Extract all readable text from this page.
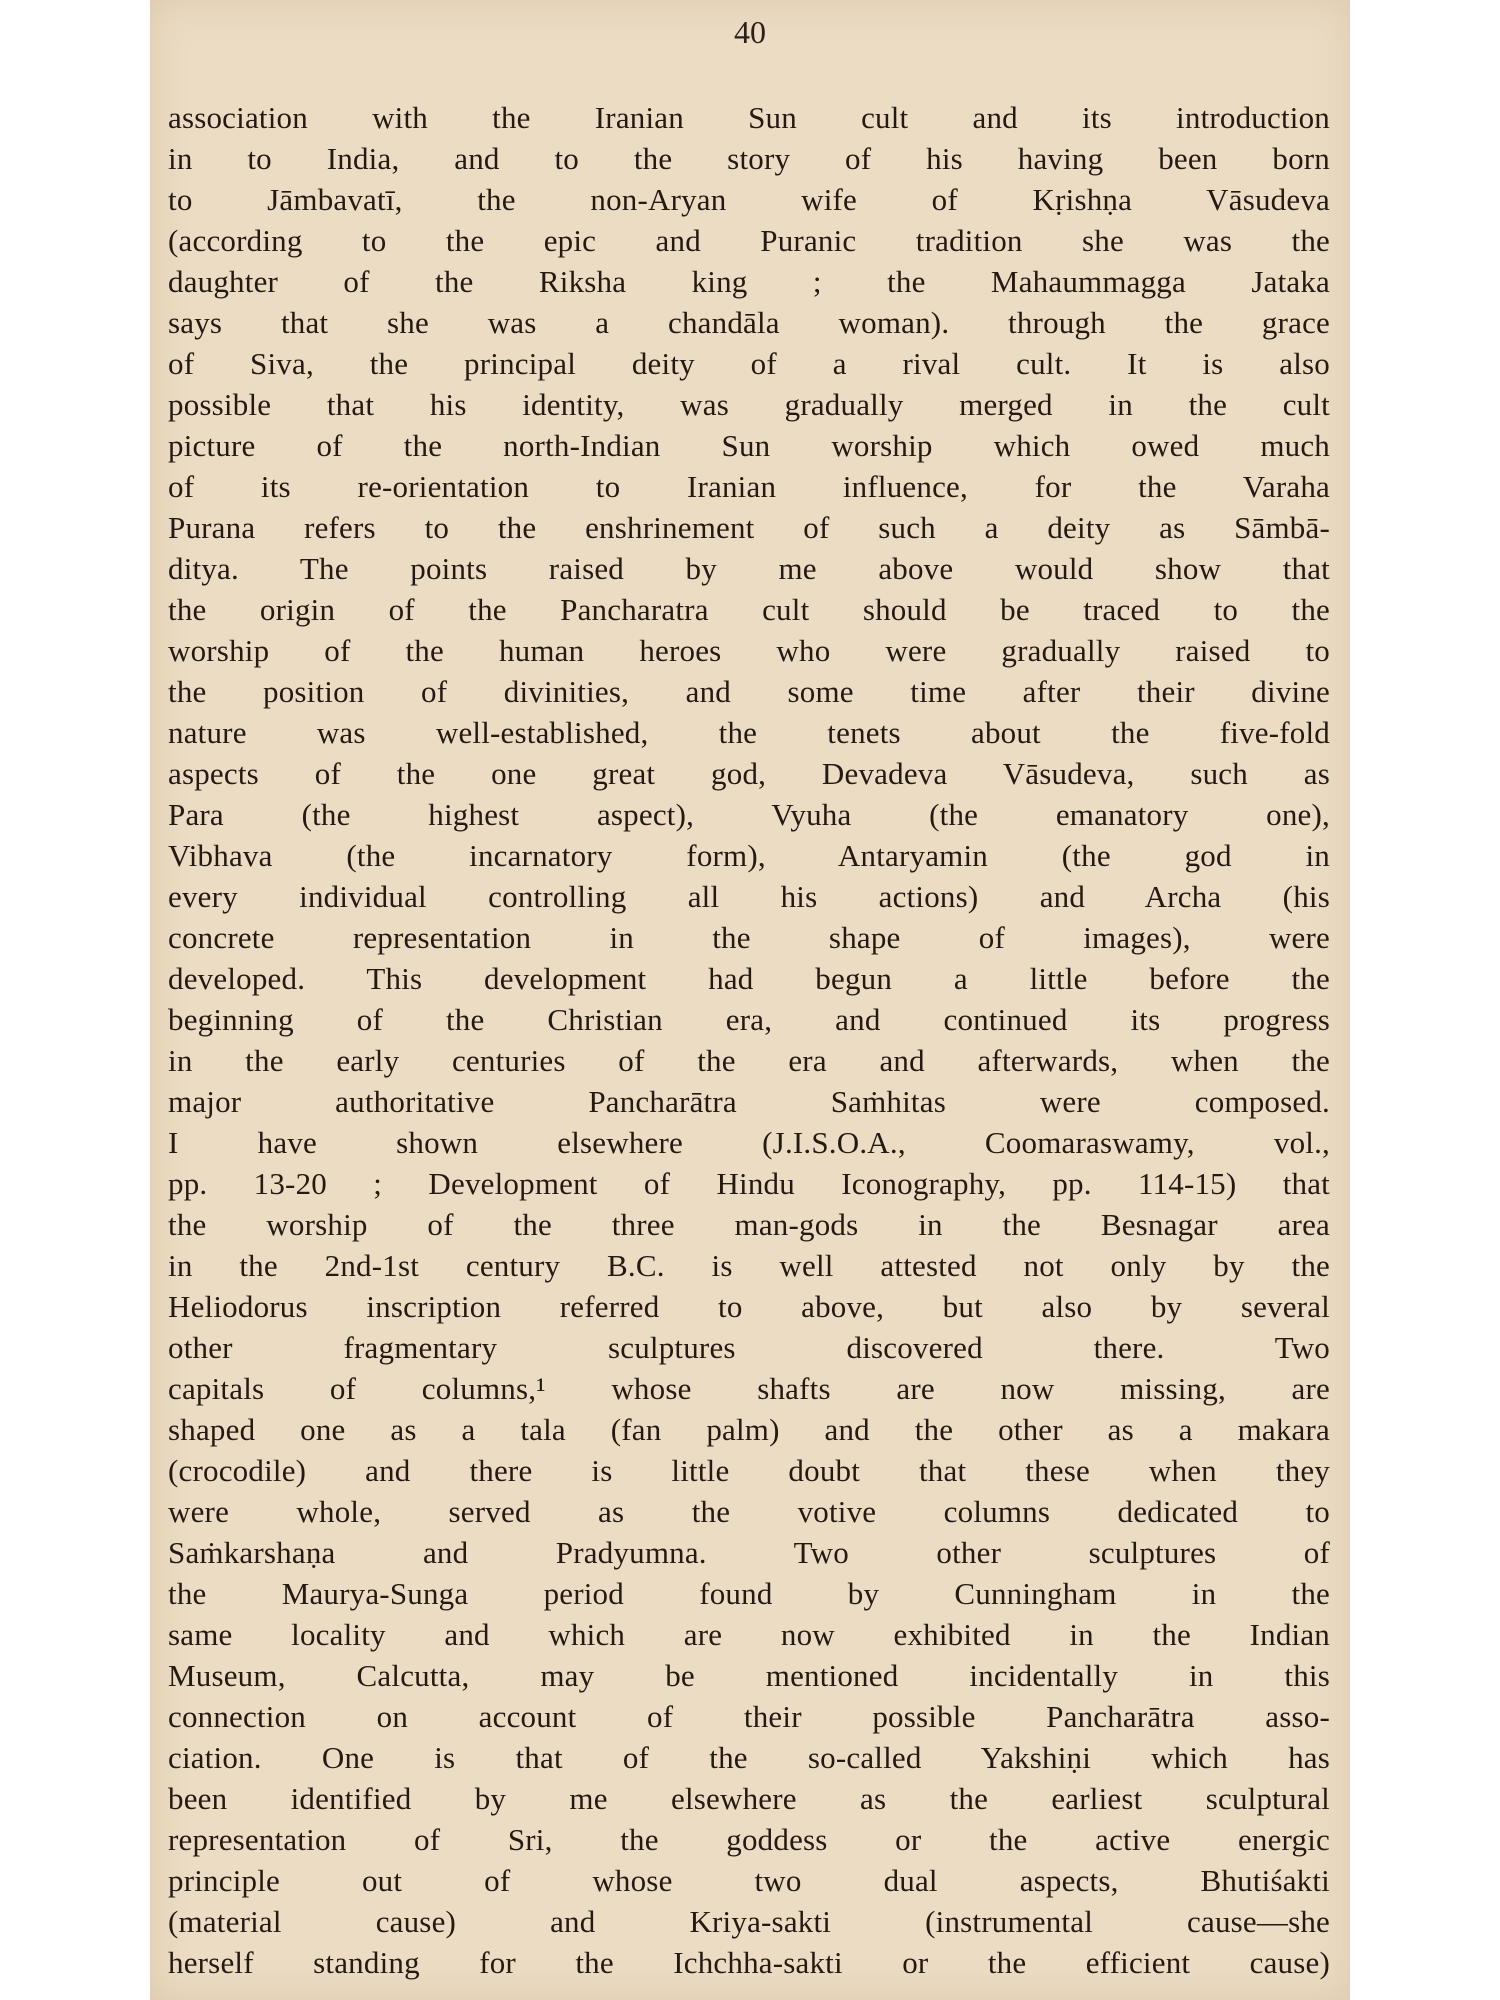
40
association with the Iranian Sun cult and its introduction
in to India, and to the story of his having been born
to Jāmbavatī, the non-Aryan wife of Kṛishṇa Vāsudeva
(according to the epic and Puranic tradition she was the
daughter of the Riksha king ; the Mahaummagga Jataka
says that she was a chandāla woman). through the grace
of Siva, the principal deity of a rival cult. It is also
possible that his identity, was gradually merged in the cult
picture of the north-Indian Sun worship which owed much
of its re-orientation to Iranian influence, for the Varaha
Purana refers to the enshrinement of such a deity as Sāmbā-
ditya. The points raised by me above would show that
the origin of the Pancharatra cult should be traced to the
worship of the human heroes who were gradually raised to
the position of divinities, and some time after their divine
nature was well-established, the tenets about the five-fold
aspects of the one great god, Devadeva Vāsudeva, such as
Para (the highest aspect), Vyuha (the emanatory one),
Vibhava (the incarnatory form), Antaryamin (the god in
every individual controlling all his actions) and Archa (his
concrete representation in the shape of images), were
developed. This development had begun a little before the
beginning of the Christian era, and continued its progress
in the early centuries of the era and afterwards, when the
major authoritative Pancharātra Saṁhitas were composed.
I have shown elsewhere (J.I.S.O.A., Coomaraswamy, vol.,
pp. 13-20 ; Development of Hindu Iconography, pp. 114-15) that
the worship of the three man-gods in the Besnagar area
in the 2nd-1st century B.C. is well attested not only by the
Heliodorus inscription referred to above, but also by several
other fragmentary sculptures discovered there. Two
capitals of columns,¹ whose shafts are now missing, are
shaped one as a tala (fan palm) and the other as a makara
(crocodile) and there is little doubt that these when they
were whole, served as the votive columns dedicated to
Saṁkarshaṇa and Pradyumna. Two other sculptures of
the Maurya-Sunga period found by Cunningham in the
same locality and which are now exhibited in the Indian
Museum, Calcutta, may be mentioned incidentally in this
connection on account of their possible Pancharātra asso-
ciation. One is that of the so-called Yakshiṇi which has
been identified by me elsewhere as the earliest sculptural
representation of Sri, the goddess or the active energic
principle out of whose two dual aspects, Bhutiśakti
(material cause) and Kriya-sakti (instrumental cause—she
herself standing for the Ichchha-sakti or the efficient cause)
